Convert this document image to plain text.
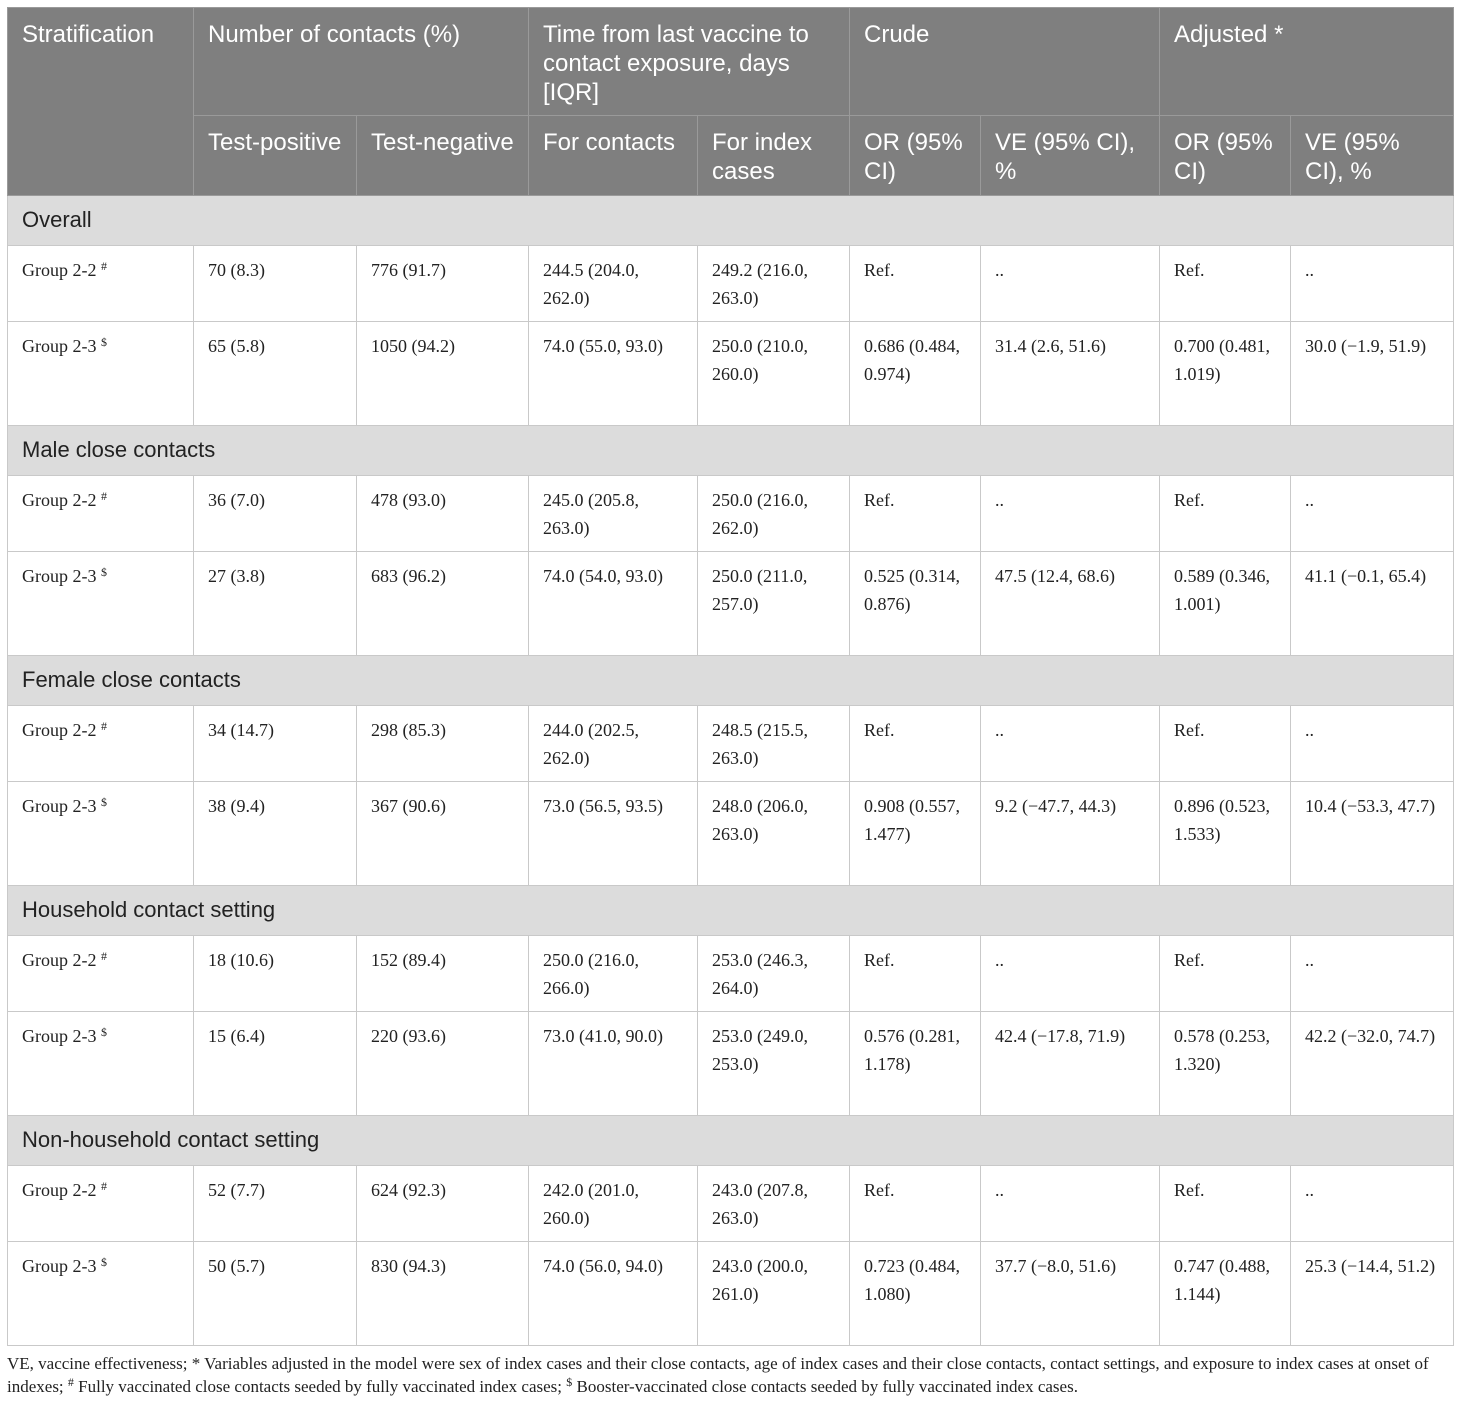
Stratification	Number of contacts (%)		Time from last vaccine to contact exposure, days [IQR]		Crude		Adjusted *	
	Test-positive	Test-negative	For contacts	For index cases	OR (95% CI)	VE (95% CI), %	OR (95% CI)	VE (95% CI), %
Overall								
Group 2-2 #	70 (8.3)	776 (91.7)	244.5 (204.0, 262.0)	249.2 (216.0, 263.0)	Ref.	..	Ref.	..
Group 2-3 $	65 (5.8)	1050 (94.2)	74.0 (55.0, 93.0)	250.0 (210.0, 260.0)	0.686 (0.484, 0.974)	31.4 (2.6, 51.6)	0.700 (0.481, 1.019)	30.0 (−1.9, 51.9)
Male close contacts								
Group 2-2 #	36 (7.0)	478 (93.0)	245.0 (205.8, 263.0)	250.0 (216.0, 262.0)	Ref.	..	Ref.	..
Group 2-3 $	27 (3.8)	683 (96.2)	74.0 (54.0, 93.0)	250.0 (211.0, 257.0)	0.525 (0.314, 0.876)	47.5 (12.4, 68.6)	0.589 (0.346, 1.001)	41.1 (−0.1, 65.4)
Female close contacts								
Group 2-2 #	34 (14.7)	298 (85.3)	244.0 (202.5, 262.0)	248.5 (215.5, 263.0)	Ref.	..	Ref.	..
Group 2-3 $	38 (9.4)	367 (90.6)	73.0 (56.5, 93.5)	248.0 (206.0, 263.0)	0.908 (0.557, 1.477)	9.2 (−47.7, 44.3)	0.896 (0.523, 1.533)	10.4 (−53.3, 47.7)
Household contact setting								
Group 2-2 #	18 (10.6)	152 (89.4)	250.0 (216.0, 266.0)	253.0 (246.3, 264.0)	Ref.	..	Ref.	..
Group 2-3 $	15 (6.4)	220 (93.6)	73.0 (41.0, 90.0)	253.0 (249.0, 253.0)	0.576 (0.281, 1.178)	42.4 (−17.8, 71.9)	0.578 (0.253, 1.320)	42.2 (−32.0, 74.7)
Non-household contact setting								
Group 2-2 #	52 (7.7)	624 (92.3)	242.0 (201.0, 260.0)	243.0 (207.8, 263.0)	Ref.	..	Ref.	..
Group 2-3 $	50 (5.7)	830 (94.3)	74.0 (56.0, 94.0)	243.0 (200.0, 261.0)	0.723 (0.484, 1.080)	37.7 (−8.0, 51.6)	0.747 (0.488, 1.144)	25.3 (−14.4, 51.2)
VE, vaccine effectiveness; * Variables adjusted in the model were sex of index cases and their close contacts, age of index cases and their close contacts, contact settings, and exposure to index cases at onset of indexes; # Fully vaccinated close contacts seeded by fully vaccinated index cases; $ Booster-vaccinated close contacts seeded by fully vaccinated index cases.
